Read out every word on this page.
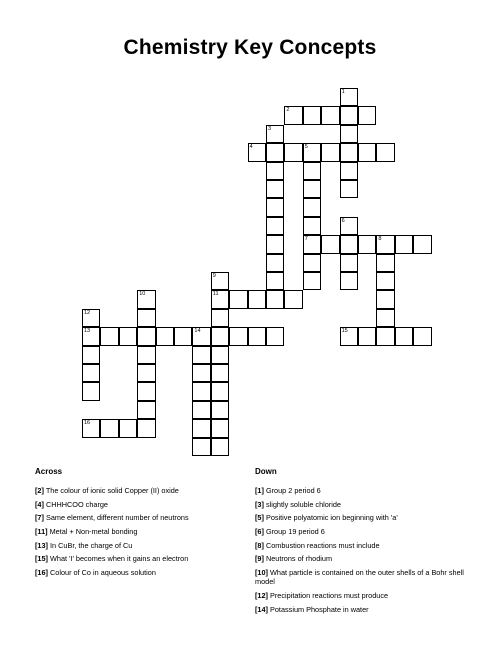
Chemistry Key Concepts
2
4	5
7	8
11
13	14	15
16
1
3
6
9
10
12
Across
[2] The colour of ionic solid Copper (II) oxide
[4] CHHHCOO charge
[7] Same element, different number of neutrons
[11] Metal + Non-metal bonding
[13] In CuBr, the charge of Cu
[15] What 'I' becomes when it gains an electron
[16] Colour of Co in aqueous solution
Down
[1] Group 2 period 6
[3] slightly soluble chloride
[5] Positive polyatomic ion beginning with 'a'
[6] Group 19 period 6
[8] Combustion reactions must include
[9] Neutrons of rhodium
[10] What particle is contained on the outer shells of a Bohr shell model
[12] Precipitation reactions must produce
[14] Potassium Phosphate in water
